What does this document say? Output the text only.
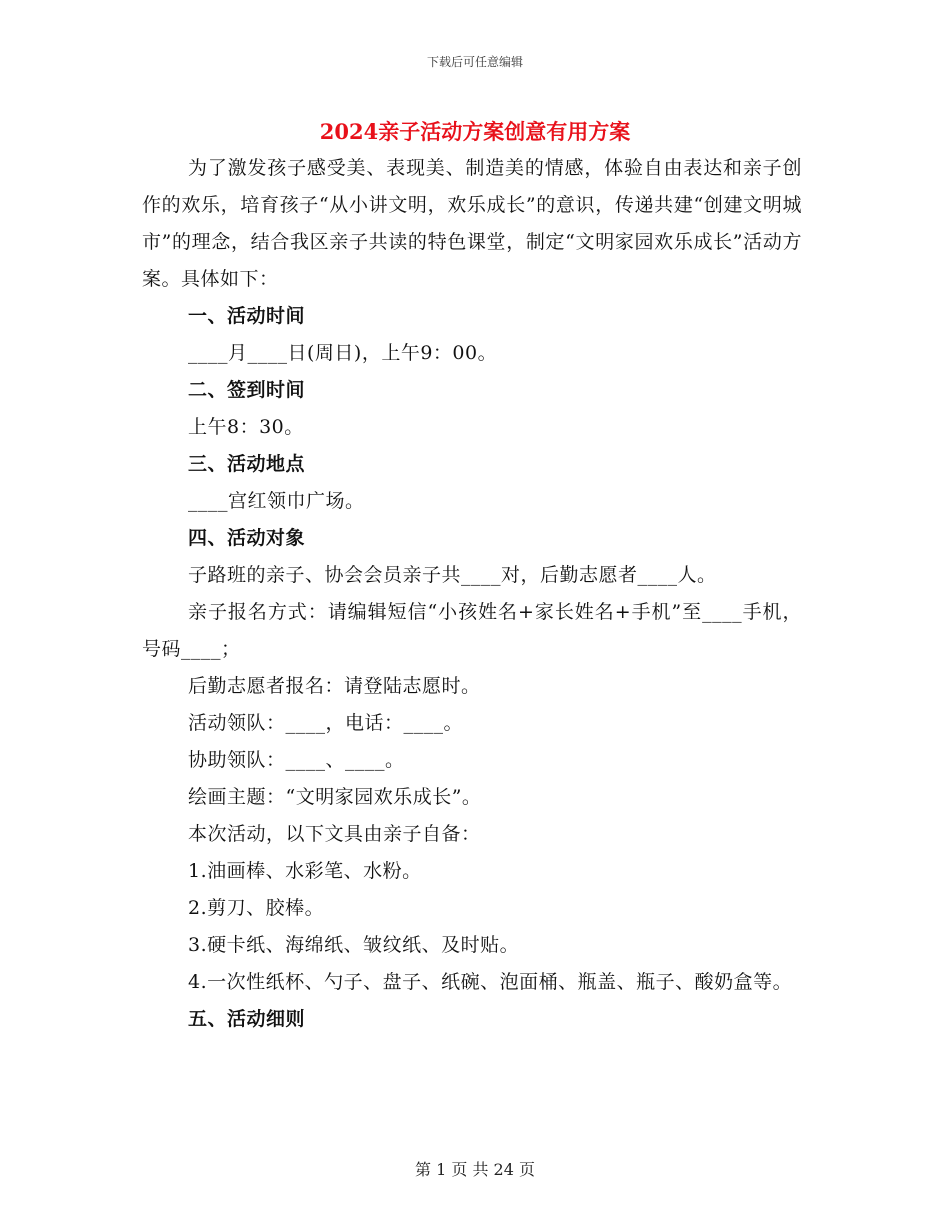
下载后可任意编辑
2024亲子活动方案创意有用方案

为了激发孩子感受美、表现美、制造美的情感，体验自由表达和亲子创作的欢乐，培育孩子“从小讲文明，欢乐成长”的意识，传递共建“创建文明城市”的理念，结合我区亲子共读的特色课堂，制定“文明家园欢乐成长”活动方案。具体如下：

一、活动时间

____月____日(周日)，上午9：00。

二、签到时间

上午8：30。

三、活动地点

____宫红领巾广场。

四、活动对象

子路班的亲子、协会会员亲子共____对，后勤志愿者____人。

亲子报名方式：请编辑短信“小孩姓名+家长姓名+手机”至____手机，号码____；

后勤志愿者报名：请登陆志愿时。

活动领队：____，电话：____。

协助领队：____、____。

绘画主题：“文明家园欢乐成长”。

本次活动，以下文具由亲子自备：

1.油画棒、水彩笔、水粉。

2.剪刀、胶棒。

3.硬卡纸、海绵纸、皱纹纸、及时贴。

4.一次性纸杯、勺子、盘子、纸碗、泡面桶、瓶盖、瓶子、酸奶盒等。

五、活动细则

第 1 页 共 24 页
